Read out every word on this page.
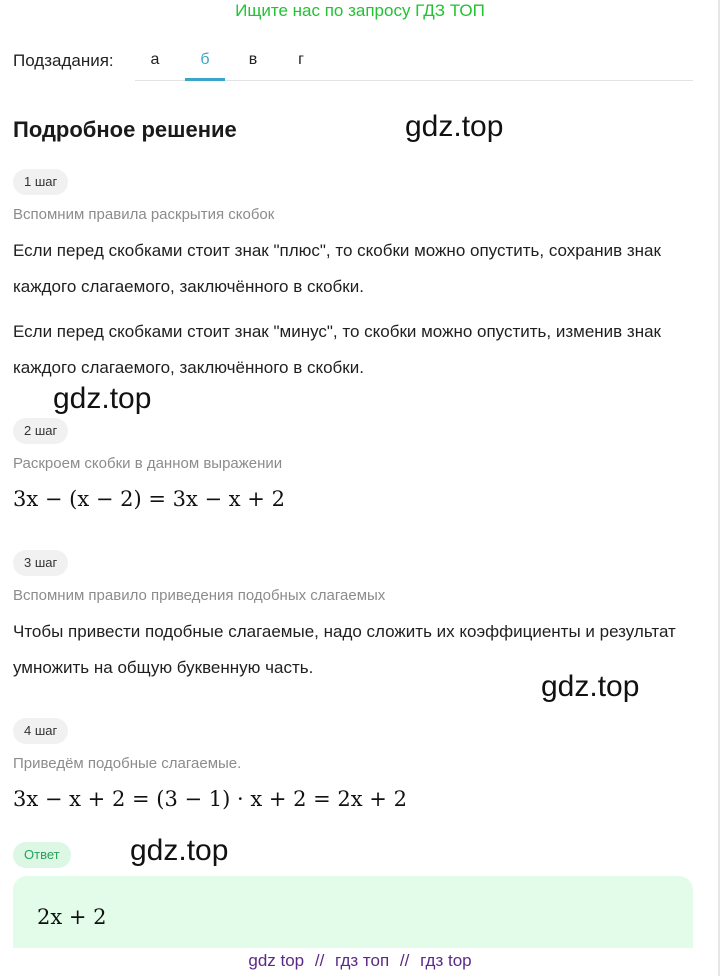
Ищите нас по запросу ГДЗ ТОП
Подзадания:	а	б	в	г
Подробное решение	gdz.top
1 шаг
Вспомним правила раскрытия скобок
Если перед скобками стоит знак "плюс", то скобки можно опустить, сохранив знак каждого слагаемого, заключённого в скобки.
Если перед скобками стоит знак "минус", то скобки можно опустить, изменив знак каждого слагаемого, заключённого в скобки.
gdz.top
2 шаг
Раскроем скобки в данном выражении
3x − (x − 2) = 3x − x + 2
3 шаг
Вспомним правило приведения подобных слагаемых
Чтобы привести подобные слагаемые, надо сложить их коэффициенты и результат умножить на общую буквенную часть.
gdz.top
4 шаг
Приведём подобные слагаемые.
3x − x + 2 = (3 − 1) · x + 2 = 2x + 2
Ответ	gdz.top
2x + 2
gdz top // гдз топ // гдз top
